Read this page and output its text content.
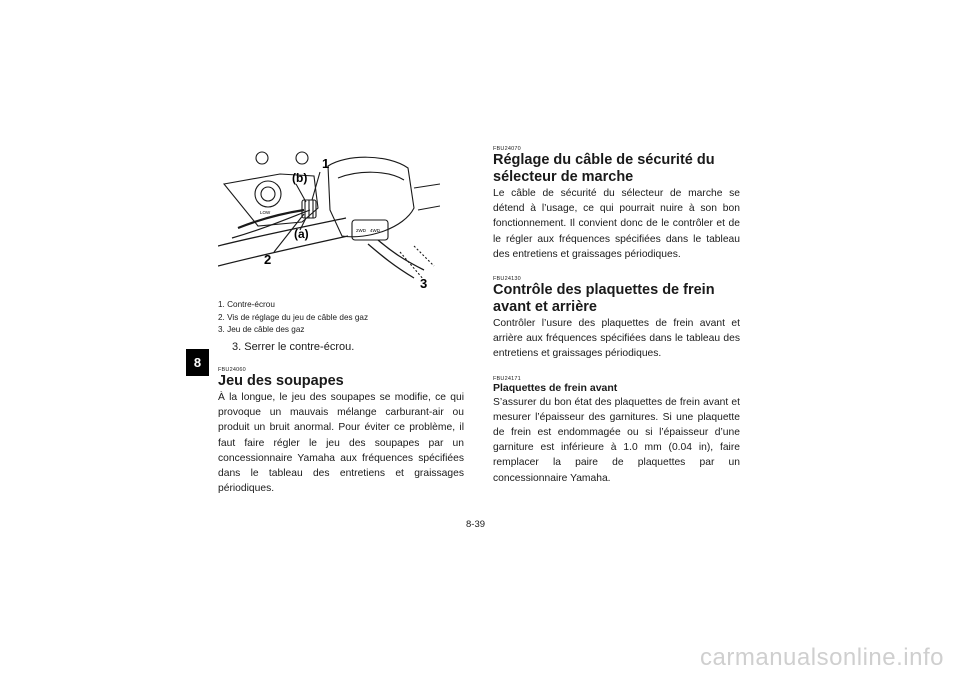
8
1
2
3
(a)
(b)
LOW
2WD 4WD
1. Contre-écrou
2. Vis de réglage du jeu de câble des gaz
3. Jeu de câble des gaz
3. Serrer le contre-écrou.
FBU24060

Jeu des soupapes

À la longue, le jeu des soupapes se modifie, ce qui provoque un mauvais mélange carburant-air ou produit un bruit anormal. Pour éviter ce problème, il faut faire régler le jeu des soupapes par un concessionnaire Yamaha aux fréquences spécifiées dans le tableau des entretiens et graissages périodiques.

FBU24070

Réglage du câble de sécurité du sélecteur de marche

Le câble de sécurité du sélecteur de marche se détend à l’usage, ce qui pourrait nuire à son bon fonctionnement. Il convient donc de le contrôler et de le régler aux fréquences spécifiées dans le tableau des entretiens et graissages périodiques.

FBU24130

Contrôle des plaquettes de frein avant et arrière

Contrôler l’usure des plaquettes de frein avant et arrière aux fréquences spécifiées dans le tableau des entretiens et graissages périodiques.

FBU24171

Plaquettes de frein avant

S’assurer du bon état des plaquettes de frein avant et mesurer l’épaisseur des garnitures. Si une plaquette de frein est endommagée ou si l’épaisseur d’une garniture est inférieure à 1.0 mm (0.04 in), faire remplacer la paire de plaquettes par un concessionnaire Yamaha.

8-39
carmanualsonline.info
